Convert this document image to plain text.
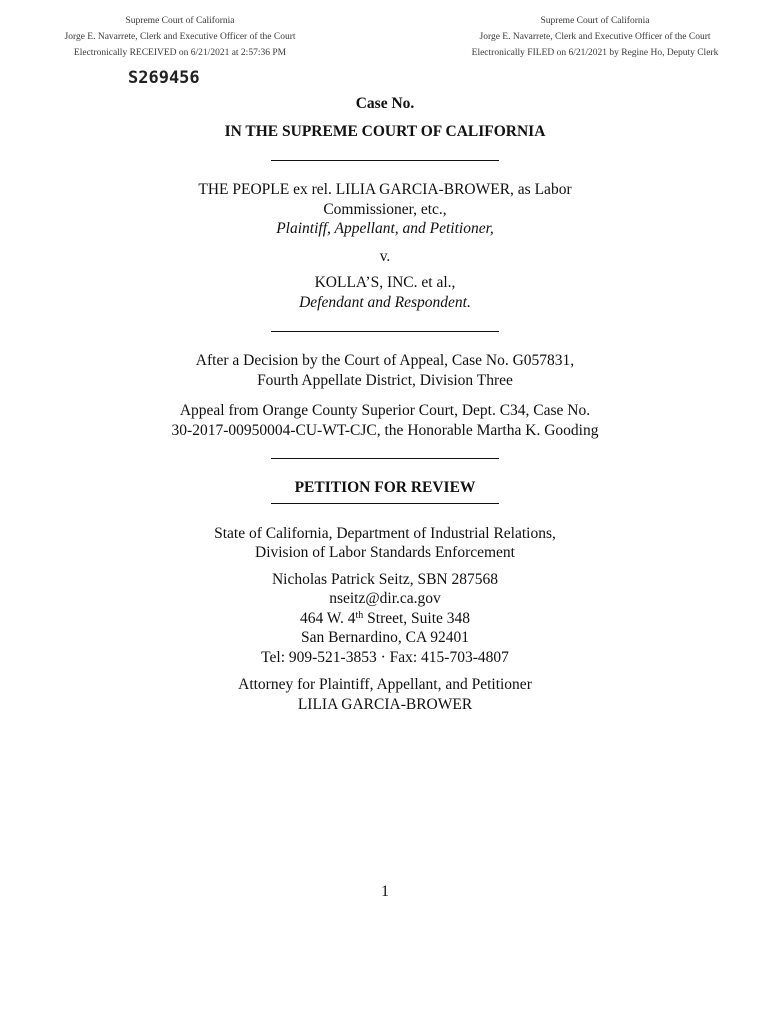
Supreme Court of California
Jorge E. Navarrete, Clerk and Executive Officer of the Court
Electronically RECEIVED on 6/21/2021 at 2:57:36 PM
Supreme Court of California
Jorge E. Navarrete, Clerk and Executive Officer of the Court
Electronically FILED on 6/21/2021 by Regine Ho, Deputy Clerk
S269456
Case No.
IN THE SUPREME COURT OF CALIFORNIA
THE PEOPLE ex rel. LILIA GARCIA-BROWER, as Labor
Commissioner, etc.,
Plaintiff, Appellant, and Petitioner,
v.
KOLLA’S, INC. et al.,
Defendant and Respondent.
After a Decision by the Court of Appeal, Case No. G057831,
Fourth Appellate District, Division Three
Appeal from Orange County Superior Court, Dept. C34, Case No.
30-2017-00950004-CU-WT-CJC, the Honorable Martha K. Gooding
PETITION FOR REVIEW
State of California, Department of Industrial Relations,
Division of Labor Standards Enforcement
Nicholas Patrick Seitz, SBN 287568
nseitz@dir.ca.gov
464 W. 4th Street, Suite 348
San Bernardino, CA 92401
Tel: 909-521-3853 · Fax: 415-703-4807
Attorney for Plaintiff, Appellant, and Petitioner
LILIA GARCIA-BROWER
1
